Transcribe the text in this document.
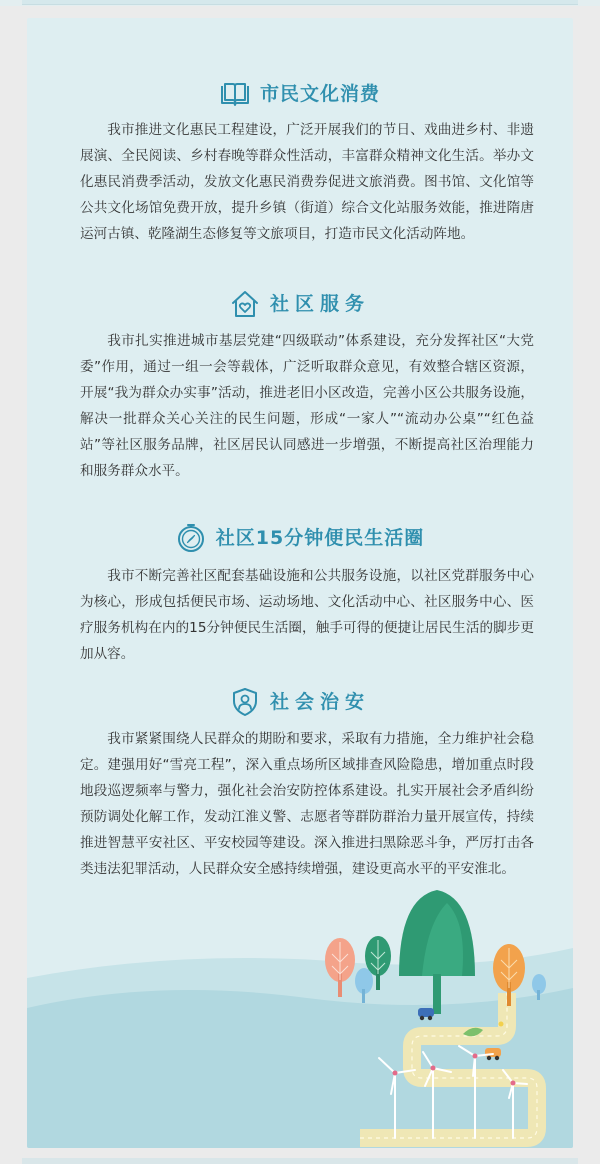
市民文化消费

我市推进文化惠民工程建设，广泛开展我们的节日、戏曲进乡村、非遗展演、全民阅读、乡村春晚等群众性活动，丰富群众精神文化生活。举办文化惠民消费季活动，发放文化惠民消费券促进文旅消费。图书馆、文化馆等公共文化场馆免费开放，提升乡镇（街道）综合文化站服务效能，推进隋唐运河古镇、乾隆湖生态修复等文旅项目，打造市民文化活动阵地。

社区服务

我市扎实推进城市基层党建“四级联动”体系建设，充分发挥社区“大党委”作用，通过一组一会等载体，广泛听取群众意见，有效整合辖区资源，开展“我为群众办实事”活动，推进老旧小区改造，完善小区公共服务设施，解决一批群众关心关注的民生问题，形成“一家人”“流动办公桌”“红色益站”等社区服务品牌，社区居民认同感进一步增强，不断提高社区治理能力和服务群众水平。

社区15分钟便民生活圈

我市不断完善社区配套基础设施和公共服务设施，以社区党群服务中心为核心，形成包括便民市场、运动场地、文化活动中心、社区服务中心、医疗服务机构在内的15分钟便民生活圈，触手可得的便捷让居民生活的脚步更加从容。

社会治安

我市紧紧围绕人民群众的期盼和要求，采取有力措施，全力维护社会稳定。建强用好“雪亮工程”，深入重点场所区域排查风险隐患，增加重点时段地段巡逻频率与警力，强化社会治安防控体系建设。扎实开展社会矛盾纠纷预防调处化解工作，发动江淮义警、志愿者等群防群治力量开展宣传，持续推进智慧平安社区、平安校园等建设。深入推进扫黑除恶斗争，严厉打击各类违法犯罪活动，人民群众安全感持续增强，建设更高水平的平安淮北。
